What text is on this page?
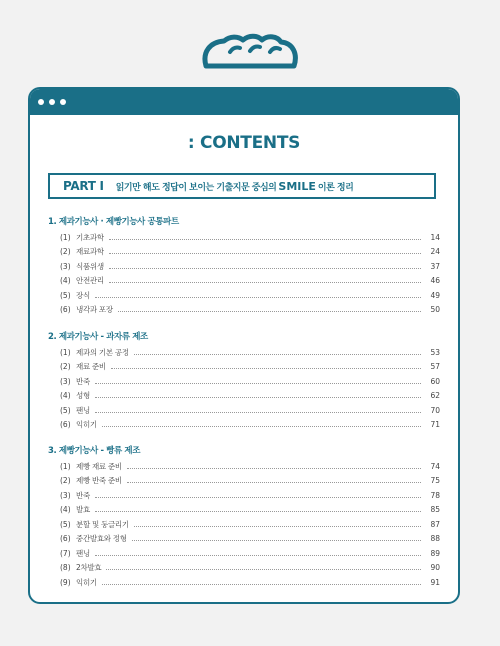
: CONTENTS
PART Ⅰ 읽기만 해도 정답이 보이는 기출지문 중심의 SMILE 이론 정리
1. 제과기능사 · 제빵기능사 공통파트
(1) 기초과학	14
(2) 재료과학	24
(3) 식품위생	37
(4) 안전관리	46
(5) 장식	49
(6) 냉각과 포장	50
2. 제과기능사 - 과자류 제조
(1) 제과의 기본 공정	53
(2) 재료 준비	57
(3) 반죽	60
(4) 성형	62
(5) 팬닝	70
(6) 익히기	71
3. 제빵기능사 - 빵류 제조
(1) 제빵 재료 준비	74
(2) 제빵 반죽 준비	75
(3) 반죽	78
(4) 발효	85
(5) 분할 및 둥글리기	87
(6) 중간발효와 정형	88
(7) 팬닝	89
(8) 2차발효	90
(9) 익히기	91
